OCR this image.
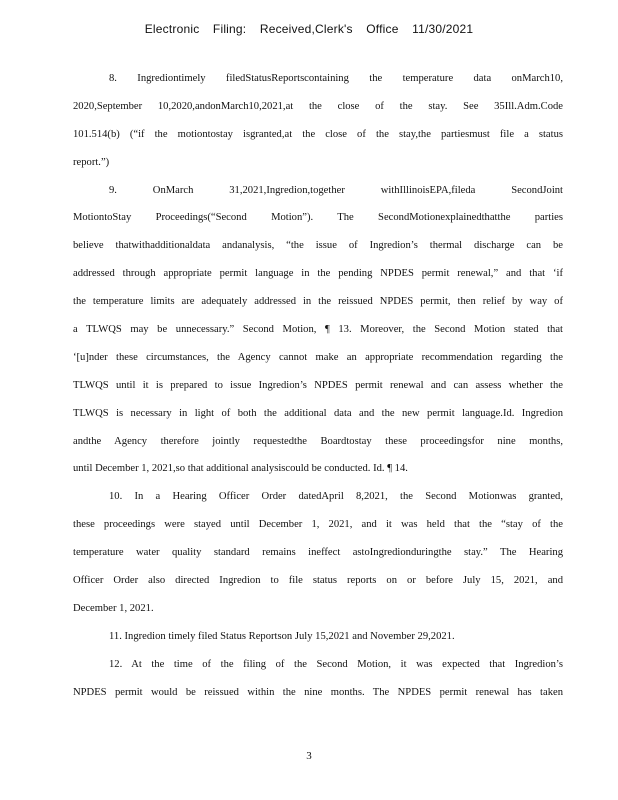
Electronic Filing: Received,Clerk's Office 11/30/2021
8. Ingrediontimely filedStatusReportscontaining the temperature data onMarch10,
2020,September 10,2020,andonMarch10,2021,at the close of the stay. See 35Ill.Adm.Code
101.514(b) (“if the motiontostay isgranted,at the close of the stay,the partiesmust file a status
report.”)
9. OnMarch 31,2021,Ingredion,together withIllinoisEPA,fileda SecondJoint
MotiontoStay Proceedings(“Second Motion”). The SecondMotionexplainedthatthe parties
believe thatwithadditionaldata andanalysis, “the issue of Ingredion’s thermal discharge can be
addressed through appropriate permit language in the pending NPDES permit renewal,” and that ‘if
the temperature limits are adequately addressed in the reissued NPDES permit, then relief by way of
a TLWQS may be unnecessary.” Second Motion, ¶ 13. Moreover, the Second Motion stated that
‘[u]nder these circumstances, the Agency cannot make an appropriate recommendation regarding the
TLWQS until it is prepared to issue Ingredion’s NPDES permit renewal and can assess whether the
TLWQS is necessary in light of both the additional data and the new permit language.Id. Ingredion
andthe Agency therefore jointly requestedthe Boardtostay these proceedingsfor nine months,
until December 1, 2021,so that additional analysiscould be conducted. Id. ¶ 14.
10. In a Hearing Officer Order datedApril 8,2021, the Second Motionwas granted,
these proceedings were stayed until December 1, 2021, and it was held that the “stay of the
temperature water quality standard remains ineffect astoIngredionduringthe stay.” The Hearing
Officer Order also directed Ingredion to file status reports on or before July 15, 2021, and
December 1, 2021.
11. Ingredion timely filed Status Reportson July 15,2021 and November 29,2021.
12. At the time of the filing of the Second Motion, it was expected that Ingredion’s
NPDES permit would be reissued within the nine months. The NPDES permit renewal has taken
3
